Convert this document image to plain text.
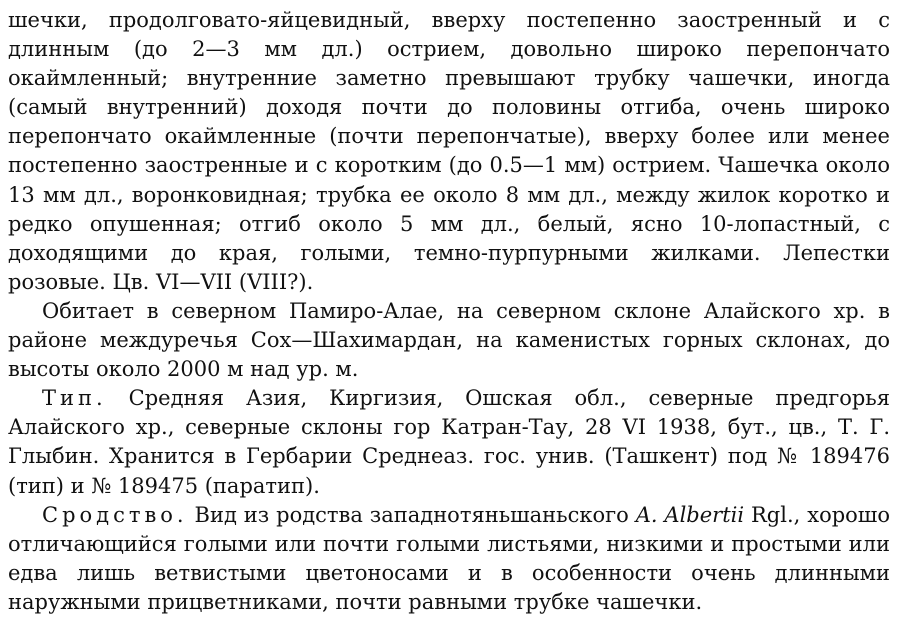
шечки, продолговато-яйцевидный, вверху постепенно заостренный и с длинным (до 2—3 мм дл.) острием, довольно широко перепончато окаймленный; внутренние заметно превышают трубку чашечки, иногда (самый внутренний) доходя почти до половины отгиба, очень широко перепончато окаймленные (почти перепончатые), вверху более или менее постепенно заостренные и с коротким (до 0.5—1 мм) острием. Чашечка около 13 мм дл., воронковидная; трубка ее около 8 мм дл., между жилок коротко и редко опушенная; отгиб около 5 мм дл., белый, ясно 10-лопастный, с доходящими до края, голыми, темно-пурпурными жилками. Лепестки розовые. Цв. VI—VII (VIII?).

Обитает в северном Памиро-Алае, на северном склоне Алайского хр. в районе междуречья Сох—Шахимардан, на каменистых горных склонах, до высоты около 2000 м над ур. м.

Тип. Средняя Азия, Киргизия, Ошская обл., северные предгорья Алайского хр., северные склоны гор Катран-Тау, 28 VI 1938, бут., цв., Т. Г. Глыбин. Хранится в Гербарии Среднеаз. гос. унив. (Ташкент) под № 189476 (тип) и № 189475 (паратип).

Сродство. Вид из родства западнотяньшаньского A. Albertii Rgl., хорошо отличающийся голыми или почти голыми листьями, низкими и простыми или едва лишь ветвистыми цветоносами и в особенности очень длинными наружными прицветниками, почти равными трубке чашечки.
